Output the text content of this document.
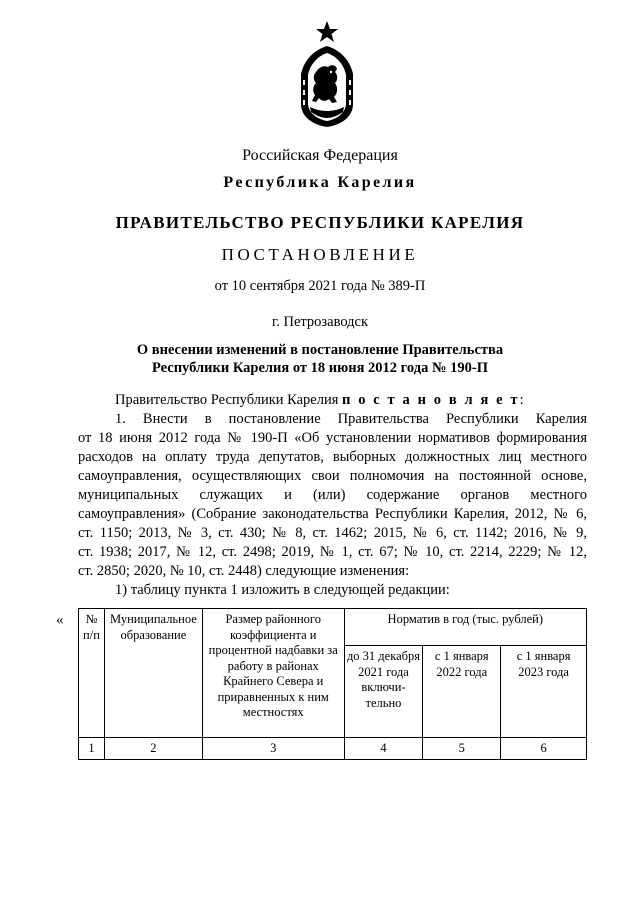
Российская Федерация
Республика Карелия
ПРАВИТЕЛЬСТВО РЕСПУБЛИКИ КАРЕЛИЯ
ПОСТАНОВЛЕНИЕ
от 10 сентября 2021 года № 389-П
г. Петрозаводск
О внесении изменений в постановление Правительства
Республики Карелия от 18 июня 2012 года № 190-П
Правительство Республики Карелия п о с т а н о в л я е т:
1. Внести в постановление Правительства Республики Карелия
от 18 июня 2012 года № 190-П «Об установлении нормативов формирования
расходов на оплату труда депутатов, выборных должностных лиц местного
самоуправления, осуществляющих свои полномочия на постоянной основе,
муниципальных служащих и (или) содержание органов местного
самоуправления» (Собрание законодательства Республики Карелия, 2012, № 6,
ст. 1150; 2013, № 3, ст. 430; № 8, ст. 1462; 2015, № 6, ст. 1142; 2016, № 9,
ст. 1938; 2017, № 12, ст. 2498; 2019, № 1, ст. 67; № 10, ст. 2214, 2229; № 12,
ст. 2850; 2020, № 10, ст. 2448) следующие изменения:
1) таблицу пункта 1 изложить в следующей редакции:
« № п/п	Муниципальное образование	Размер районного коэффициента и процентной надбавки за работу в районах Крайнего Севера и приравненных к ним местностях	Норматив в год (тыс. рублей)		
			до 31 декабря 2021 года включи-тельно	с 1 января 2022 года	с 1 января 2023 года
1	2	3	4	5	6
